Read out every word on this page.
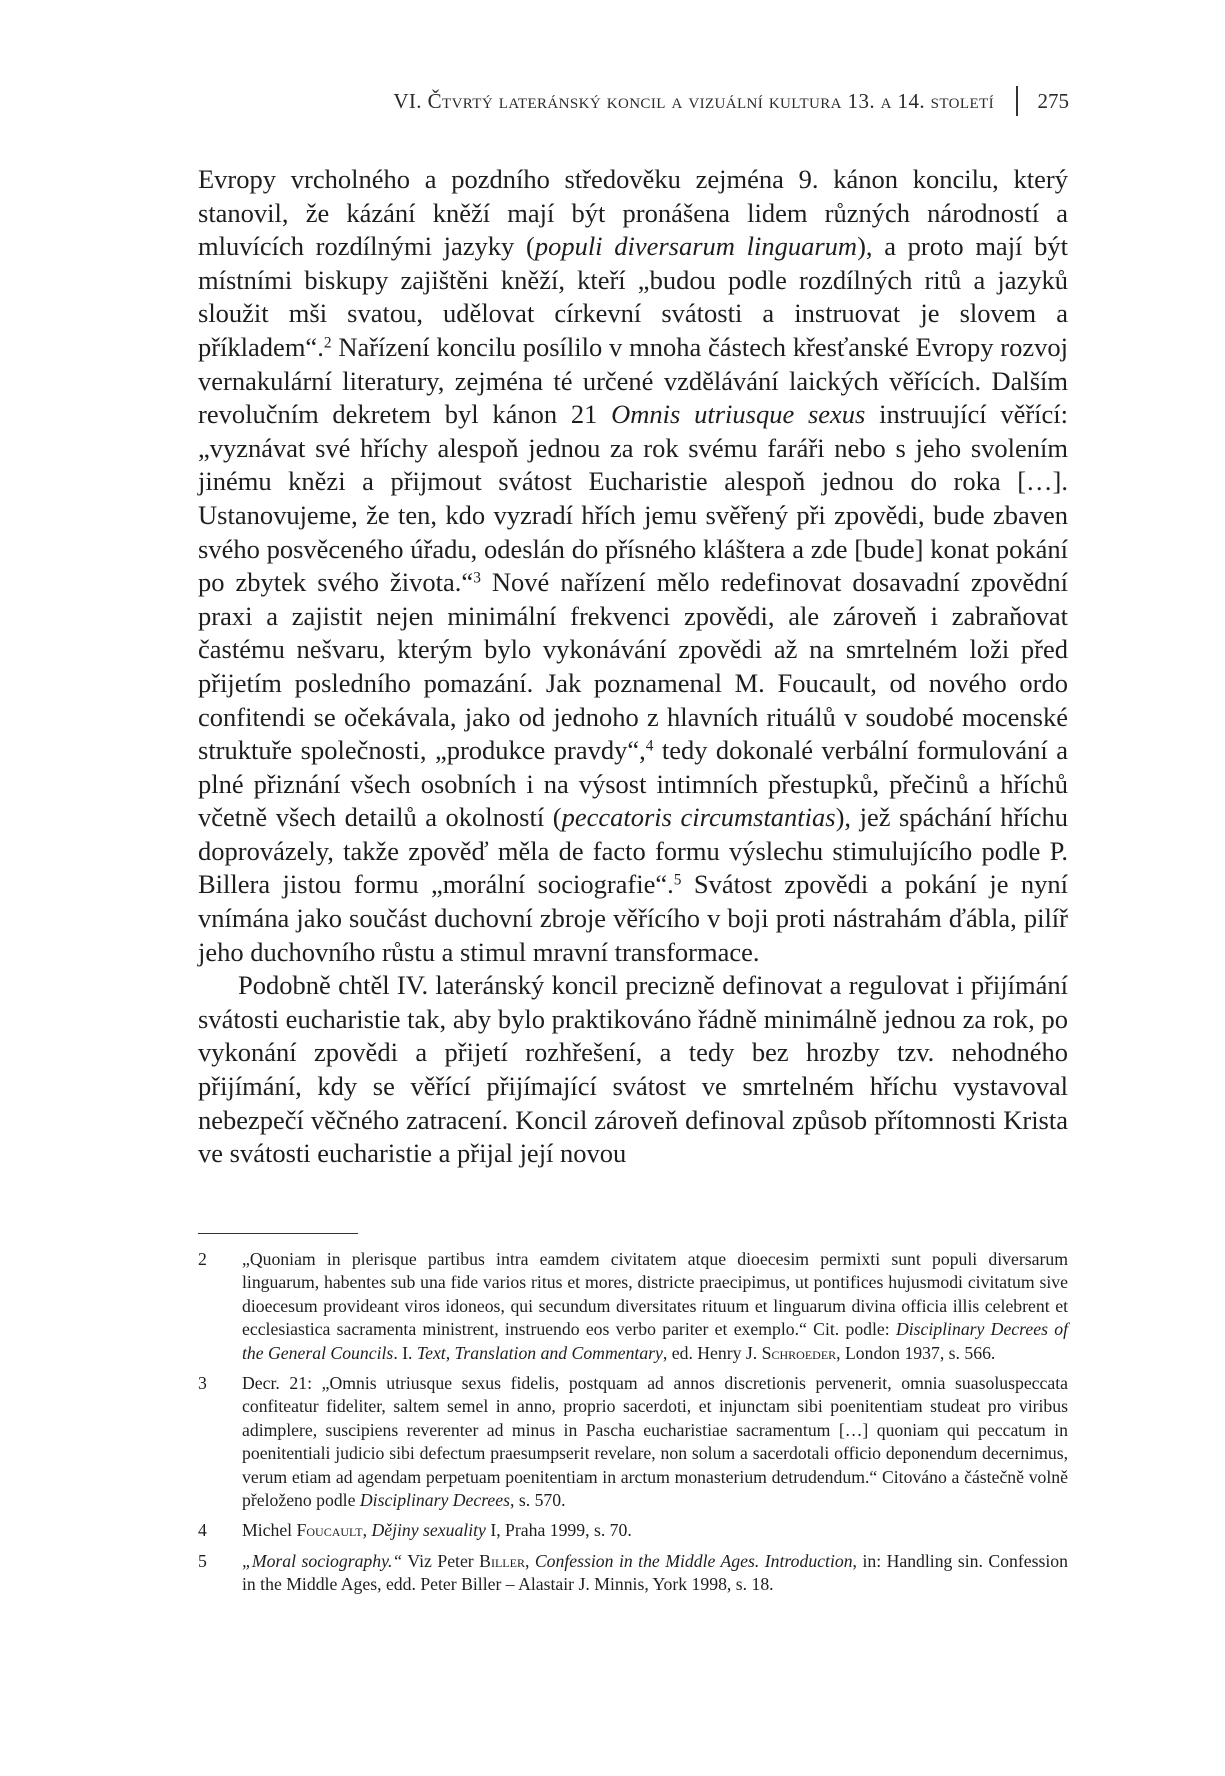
VI. Čtvrtý lateránský koncil a vizuální kultura 13. a 14. století 275

Evropy vrcholného a pozdního středověku zejména 9. kánon koncilu, který stanovil, že kázání kněží mají být pronášena lidem různých národností a mluvících rozdílnými jazyky (populi diversarum linguarum), a proto mají být místními biskupy zajištěni kněží, kteří „budou podle rozdílných ritů a jazyků sloužit mši svatou, udělovat církevní svátosti a instruovat je slovem a příkladem“.$^2$ Nařízení koncilu posílilo v mnoha částech křesťanské Evropy rozvoj vernakulární literatury, zejména té určené vzdělávání laických věřících. Dalším revolučním dekretem byl kánon 21 Omnis utriusque sexus instruující věřící: „vyznávat své hříchy alespoň jednou za rok svému faráři nebo s jeho svolením jinému knězi a přijmout svátost Eucharistie alespoň jednou do roka […]. Ustanovujeme, že ten, kdo vyzradí hřích jemu svěřený při zpovědi, bude zbaven svého posvěceného úřadu, odeslán do přísného kláštera a zde [bude] konat pokání po zbytek svého života.“$^3$ Nové nařízení mělo redefinovat dosavadní zpovědní praxi a zajistit nejen minimální frekvenci zpovědi, ale zároveň i zabraňovat častému nešvaru, kterým bylo vykonávání zpovědi až na smrtelném loži před přijetím posledního pomazání. Jak poznamenal M. Foucault, od nového ordo confitendi se očekávala, jako od jednoho z hlavních rituálů v soudobé mocenské struktuře společnosti, „produkce pravdy“,$^4$ tedy dokonalé verbální formulování a plné přiznání všech osobních i na výsost intimních přestupků, přečinů a hříchů včetně všech detailů a okolností (peccatoris circumstantias), jež spáchání hříchu doprovázely, takže zpověď měla de facto formu výslechu stimulujícího podle P. Billera jistou formu „morální sociografie“.$^5$ Svátost zpovědi a pokání je nyní vnímána jako součást duchovní zbroje věřícího v boji proti nástrahám ďábla, pilíř jeho duchovního růstu a stimul mravní transformace.

Podobně chtěl IV. lateránský koncil precizně definovat a regulovat i přijímání svátosti eucharistie tak, aby bylo praktikováno řádně minimálně jednou za rok, po vykonání zpovědi a přijetí rozhřešení, a tedy bez hrozby tzv. nehodného přijímání, kdy se věřící přijímající svátost ve smrtelném hříchu vystavoval nebezpečí věčného zatracení. Koncil zároveň definoval způsob přítomnosti Krista ve svátosti eucharistie a přijal její novou

2	„Quoniam in plerisque partibus intra eamdem civitatem atque dioecesim permixti sunt populi diversarum linguarum, habentes sub una fide varios ritus et mores, districte praecipimus, ut pontifices hujusmodi civitatum sive dioecesum provideant viros idoneos, qui secundum diversitates rituum et linguarum divina officia illis celebrent et ecclesiastica sacramenta ministrent, instruendo eos verbo pariter et exemplo.“ Cit. podle: Disciplinary Decrees of the General Councils. I. Text, Translation and Commentary, ed. Henry J. Schroeder, London 1937, s. 566.
3	Decr. 21: „Omnis utriusque sexus fidelis, postquam ad annos discretionis pervenerit, omnia suasoluspeccata confiteatur fideliter, saltem semel in anno, proprio sacerdoti, et injunctam sibi poenitentiam studeat pro viribus adimplere, suscipiens reverenter ad minus in Pascha eucharistiae sacramentum […] quoniam qui peccatum in poenitentiali judicio sibi defectum praesumpserit revelare, non solum a sacerdotali officio deponendum decernimus, verum etiam ad agendam perpetuam poenitentiam in arctum monasterium detrudendum.“ Citováno a částečně volně přeloženo podle Disciplinary Decrees, s. 570.
4	Michel Foucault, Dějiny sexuality I, Praha 1999, s. 70.
5	„Moral sociography.“ Viz Peter Biller, Confession in the Middle Ages. Introduction, in: Handling sin. Confession in the Middle Ages, edd. Peter Biller – Alastair J. Minnis, York 1998, s. 18.
